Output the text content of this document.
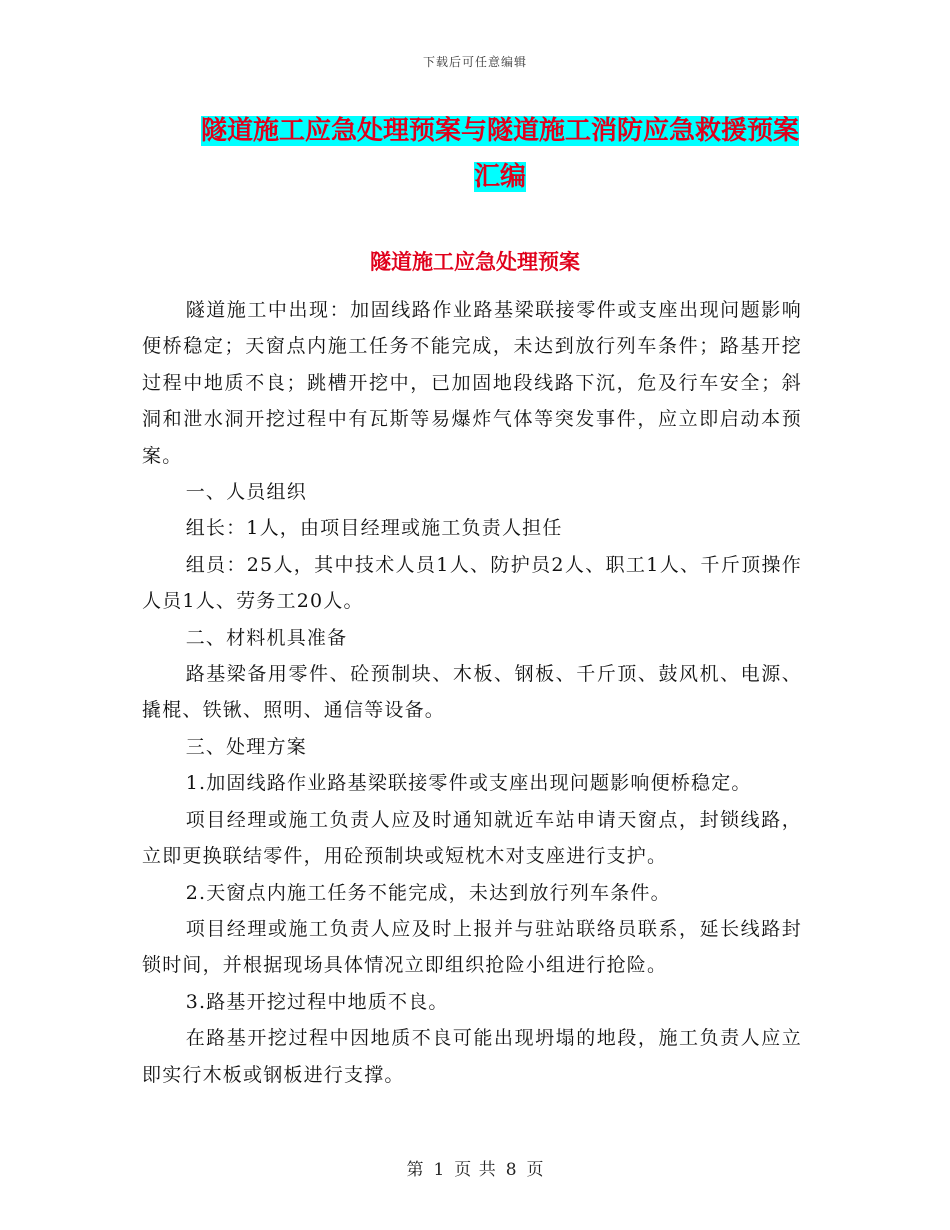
下载后可任意编辑
隧道施工应急处理预案与隧道施工消防应急救援预案
汇编
隧道施工应急处理预案

隧道施工中出现：加固线路作业路基梁联接零件或支座出现问题影响便桥稳定；天窗点内施工任务不能完成，未达到放行列车条件；路基开挖过程中地质不良；跳槽开挖中，已加固地段线路下沉，危及行车安全；斜洞和泄水洞开挖过程中有瓦斯等易爆炸气体等突发事件，应立即启动本预案。

一、人员组织

组长：1人，由项目经理或施工负责人担任

组员：25人，其中技术人员1人、防护员2人、职工1人、千斤顶操作人员1人、劳务工20人。

二、材料机具准备

路基梁备用零件、砼预制块、木板、钢板、千斤顶、鼓风机、电源、撬棍、铁锹、照明、通信等设备。

三、处理方案

1.加固线路作业路基梁联接零件或支座出现问题影响便桥稳定。

项目经理或施工负责人应及时通知就近车站申请天窗点，封锁线路，立即更换联结零件，用砼预制块或短枕木对支座进行支护。

2.天窗点内施工任务不能完成，未达到放行列车条件。

项目经理或施工负责人应及时上报并与驻站联络员联系，延长线路封锁时间，并根据现场具体情况立即组织抢险小组进行抢险。

3.路基开挖过程中地质不良。

在路基开挖过程中因地质不良可能出现坍塌的地段，施工负责人应立即实行木板或钢板进行支撑。

第 1 页 共 8 页
